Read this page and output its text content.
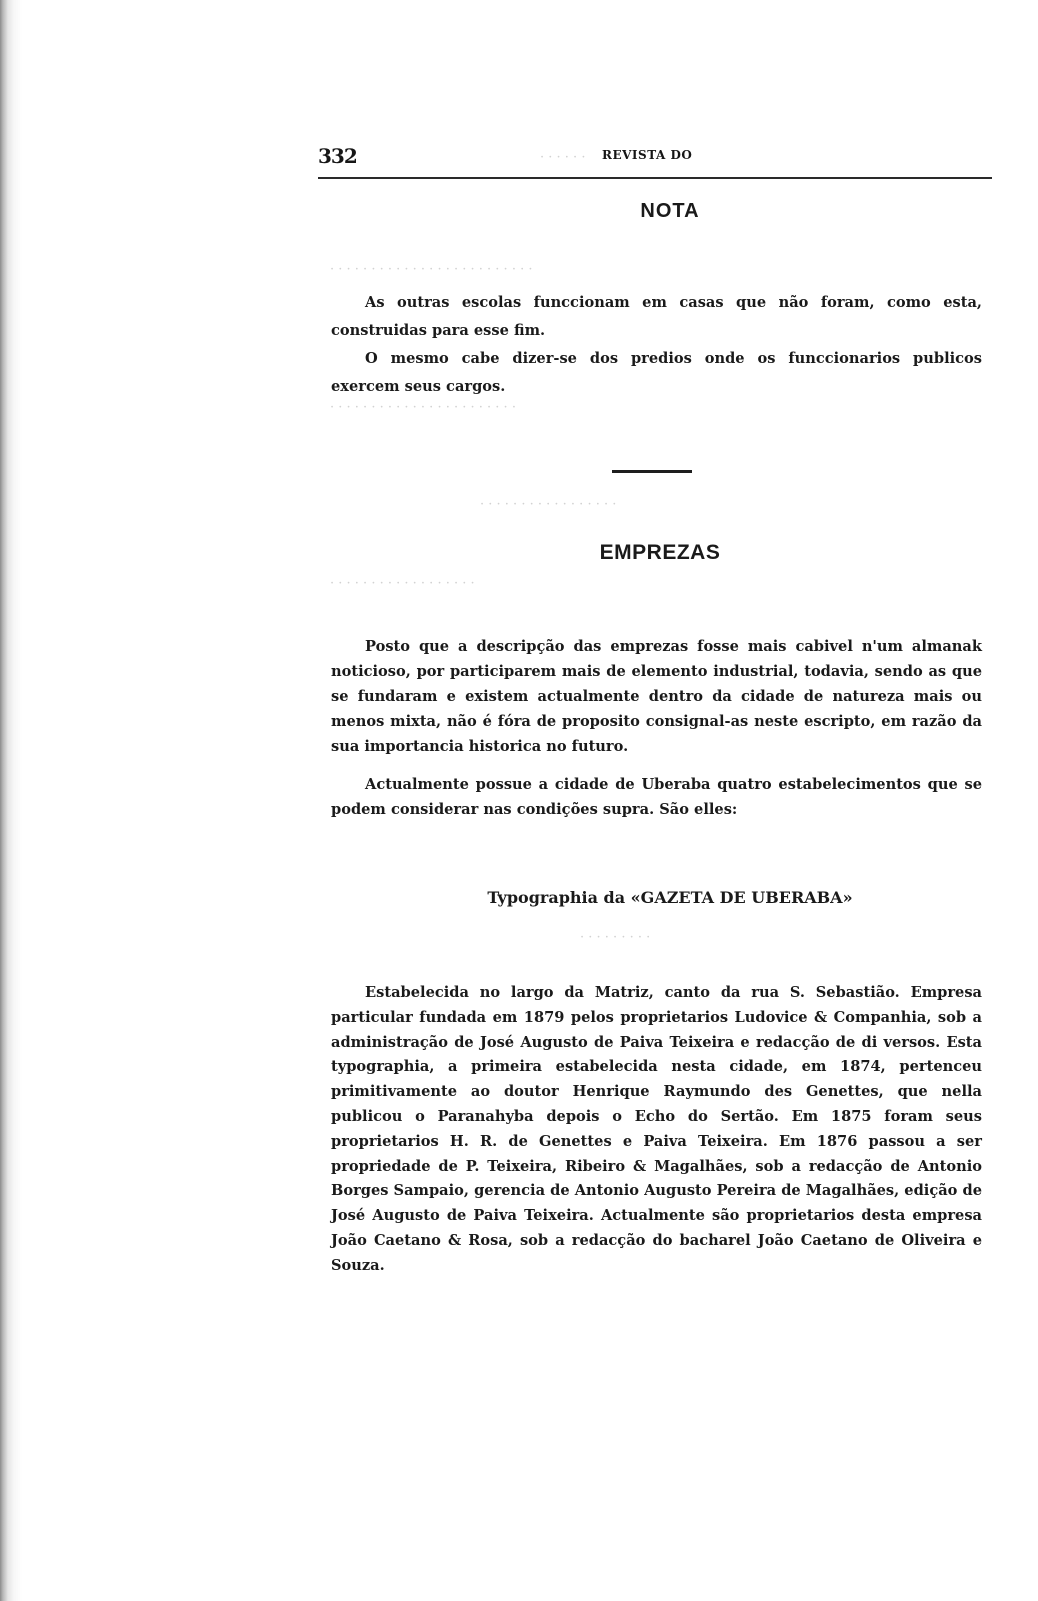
· · · · · ·
· · · · · · · · · · · · · · · · · · · · · · · · ·
· · · · · · · · · · · · · · · · · · · · · · ·
· · · · · · · · · · · · · · · · ·
· · · · · · · · · · · · · · · · · ·
· · · · · · · · ·
332	REVISTA DO
NOTA

As outras escolas funccionam em casas que não foram, como esta, construidas para esse fim.

O mesmo cabe dizer-se dos predios onde os funccionarios publicos exercem seus cargos.

EMPREZAS

Posto que a descripção das emprezas fosse mais cabivel n'um almanak noticioso, por participarem mais de elemento industrial, todavia, sendo as que se fundaram e existem actualmente dentro da cidade de natureza mais ou menos mixta, não é fóra de proposito consignal-as neste escripto, em razão da sua importancia historica no futuro.

Actualmente possue a cidade de Uberaba quatro estabelecimentos que se podem considerar nas condições supra. São elles:

Typographia da «GAZETA DE UBERABA»

Estabelecida no largo da Matriz, canto da rua S. Sebastião. Empresa particular fundada em 1879 pelos proprietarios Ludovice & Companhia, sob a administração de José Augusto de Paiva Teixeira e redacção de di versos. Esta typographia, a primeira estabelecida nesta cidade, em 1874, pertenceu primitivamente ao doutor Henrique Raymundo des Genettes, que nella publicou o Paranahyba depois o Echo do Sertão. Em 1875 foram seus proprietarios H. R. de Genettes e Paiva Teixeira. Em 1876 passou a ser propriedade de P. Teixeira, Ribeiro & Magalhães, sob a redacção de Antonio Borges Sampaio, gerencia de Antonio Augusto Pereira de Magalhães, edição de José Augusto de Paiva Teixeira. Actualmente são proprietarios desta empresa João Caetano & Rosa, sob a redacção do bacharel João Caetano de Oliveira e Souza.
